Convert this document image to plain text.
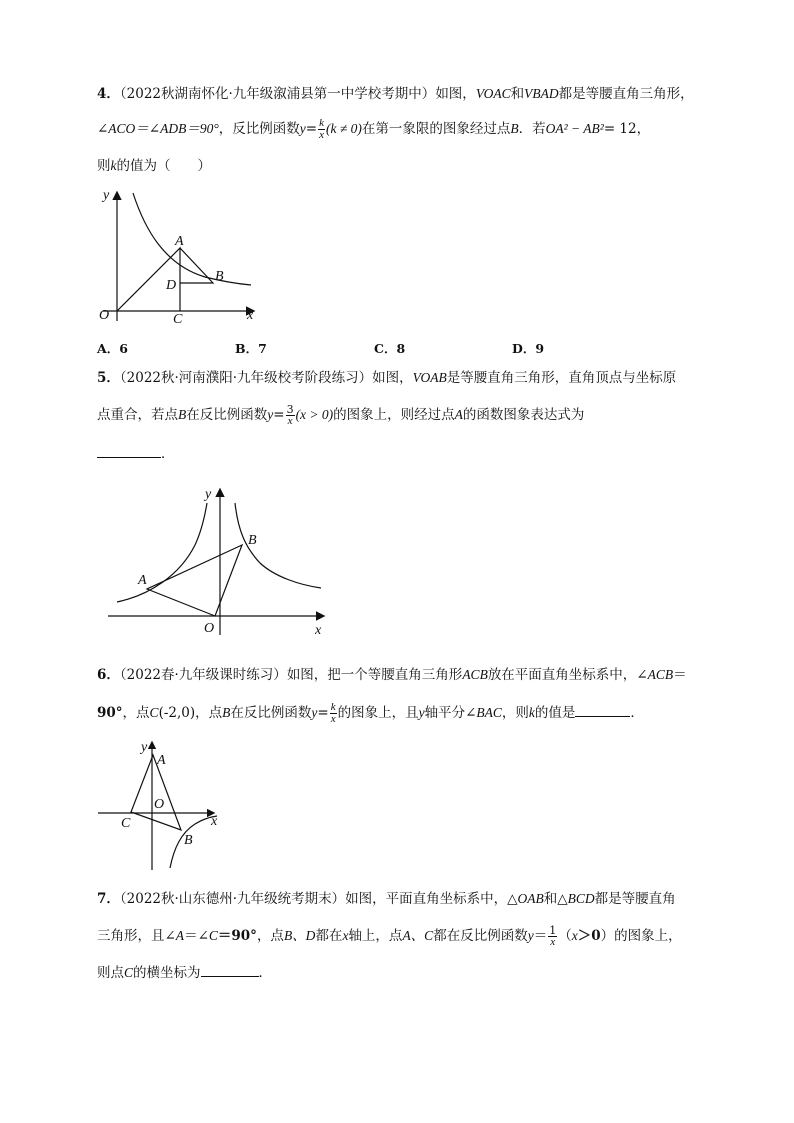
4．（2022秋湖南怀化·九年级溆浦县第一中学校考期中）如图，VOAC和VBAD都是等腰直角三角形，
∠ACO＝∠ADB＝90°，反比例函数$y= \frac{k}{x} (k \ne 0)$在第一象限的图象经过点B．若OA² − AB²= 12，
则k的值为（　　）
y
x
O
A
B
C
D
A．6	B．7	C．8	D．9
5．（2022秋·河南濮阳·九年级校考阶段练习）如图，VOAB是等腰直角三角形，直角顶点与坐标原
点重合，若点B在反比例函数$y= \frac{3}{x} (x > 0)$的图象上，则经过点A的函数图象表达式为
．
y
x
O
A
B
6．（2022春·九年级课时练习）如图，把一个等腰直角三角形ACB放在平面直角坐标系中，∠ACB＝
90°，点C(-2,0)，点B在反比例函数$y= \frac{k}{x}$ 的图象上，且y轴平分∠BAC，则k的值是	．
y
x
O
A
B
C
7．（2022秋·山东德州·九年级统考期末）如图，平面直角坐标系中，△OAB和△BCD都是等腰直角
三角形，且∠A＝∠C＝90°，点B、D都在x轴上，点A、C都在反比例函数$y= \frac{1}{x} (x>0)$的图象上，
则点C的横坐标为	．
